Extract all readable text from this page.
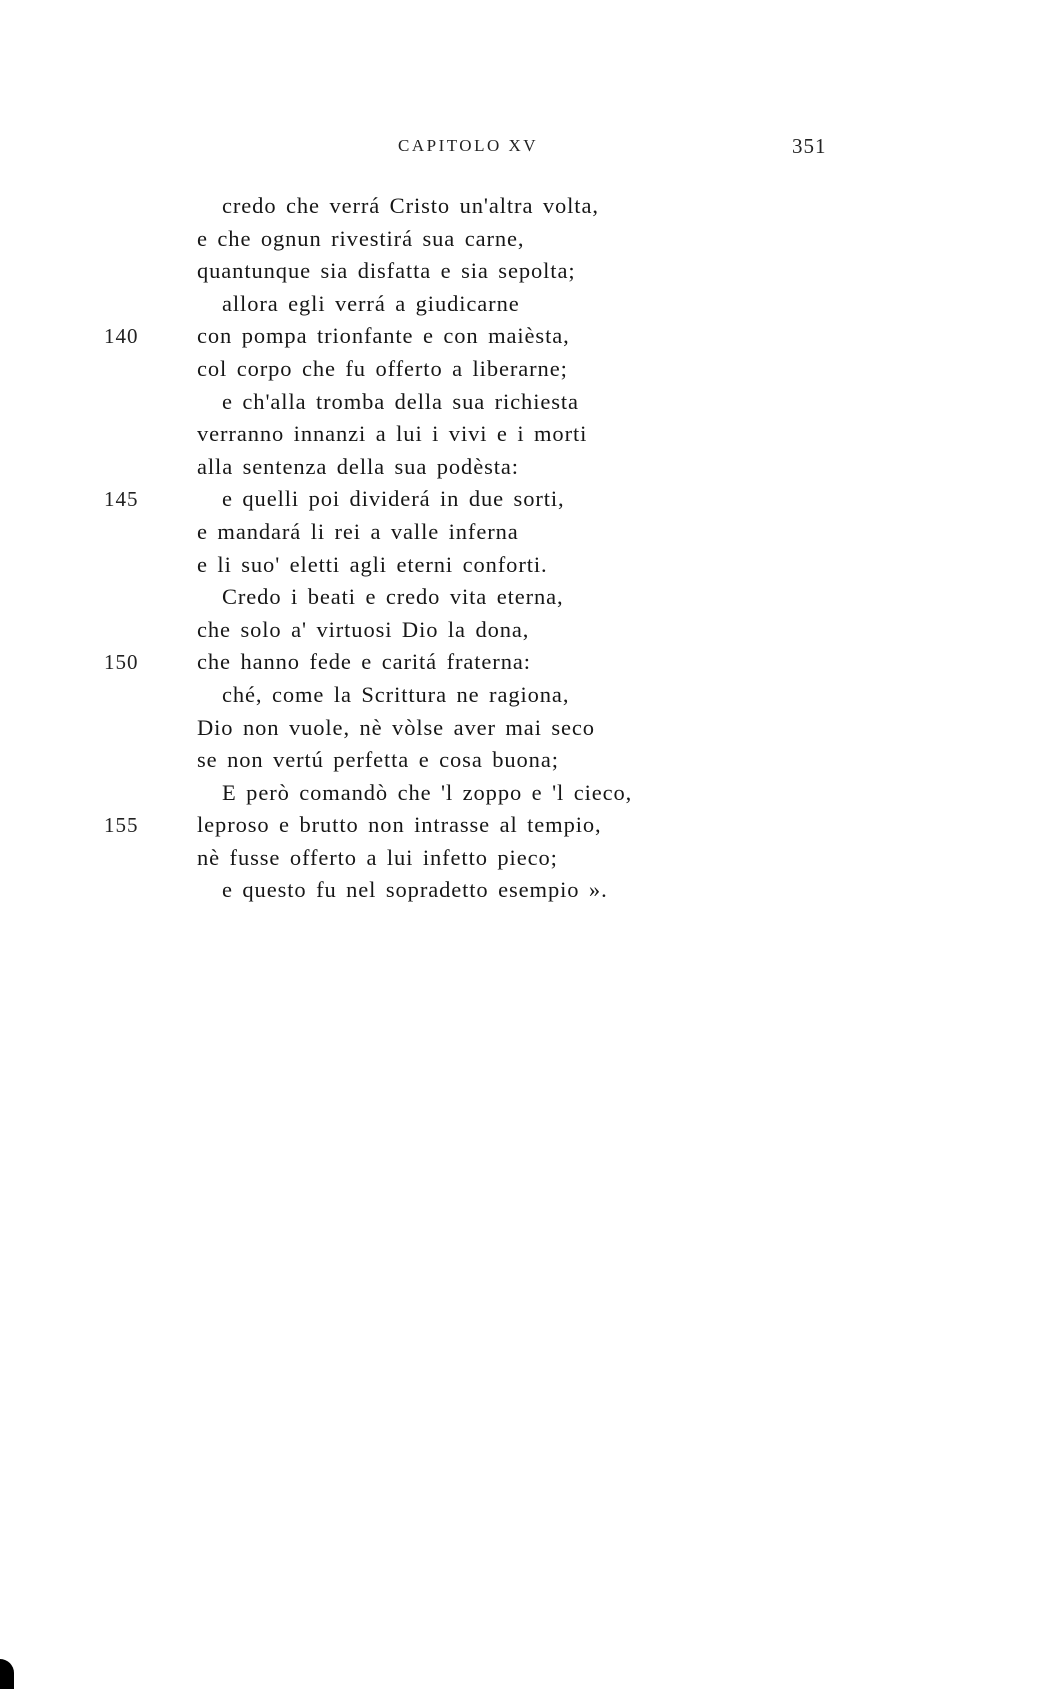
CAPITOLO XV	351
credo che verrá Cristo un'altra volta,
e che ognun rivestirá sua carne,
quantunque sia disfatta e sia sepolta;
allora egli verrá a giudicarne
140	con pompa trionfante e con maièsta,
col corpo che fu offerto a liberarne;
e ch'alla tromba della sua richiesta
verranno innanzi a lui i vivi e i morti
alla sentenza della sua podèsta:
145	e quelli poi dividerá in due sorti,
e mandará li rei a valle inferna
e li suo' eletti agli eterni conforti.
Credo i beati e credo vita eterna,
che solo a' virtuosi Dio la dona,
150	che hanno fede e caritá fraterna:
ché, come la Scrittura ne ragiona,
Dio non vuole, nè vòlse aver mai seco
se non vertú perfetta e cosa buona;
E però comandò che 'l zoppo e 'l cieco,
155	leproso e brutto non intrasse al tempio,
nè fusse offerto a lui infetto pieco;
e questo fu nel sopradetto esempio ».
